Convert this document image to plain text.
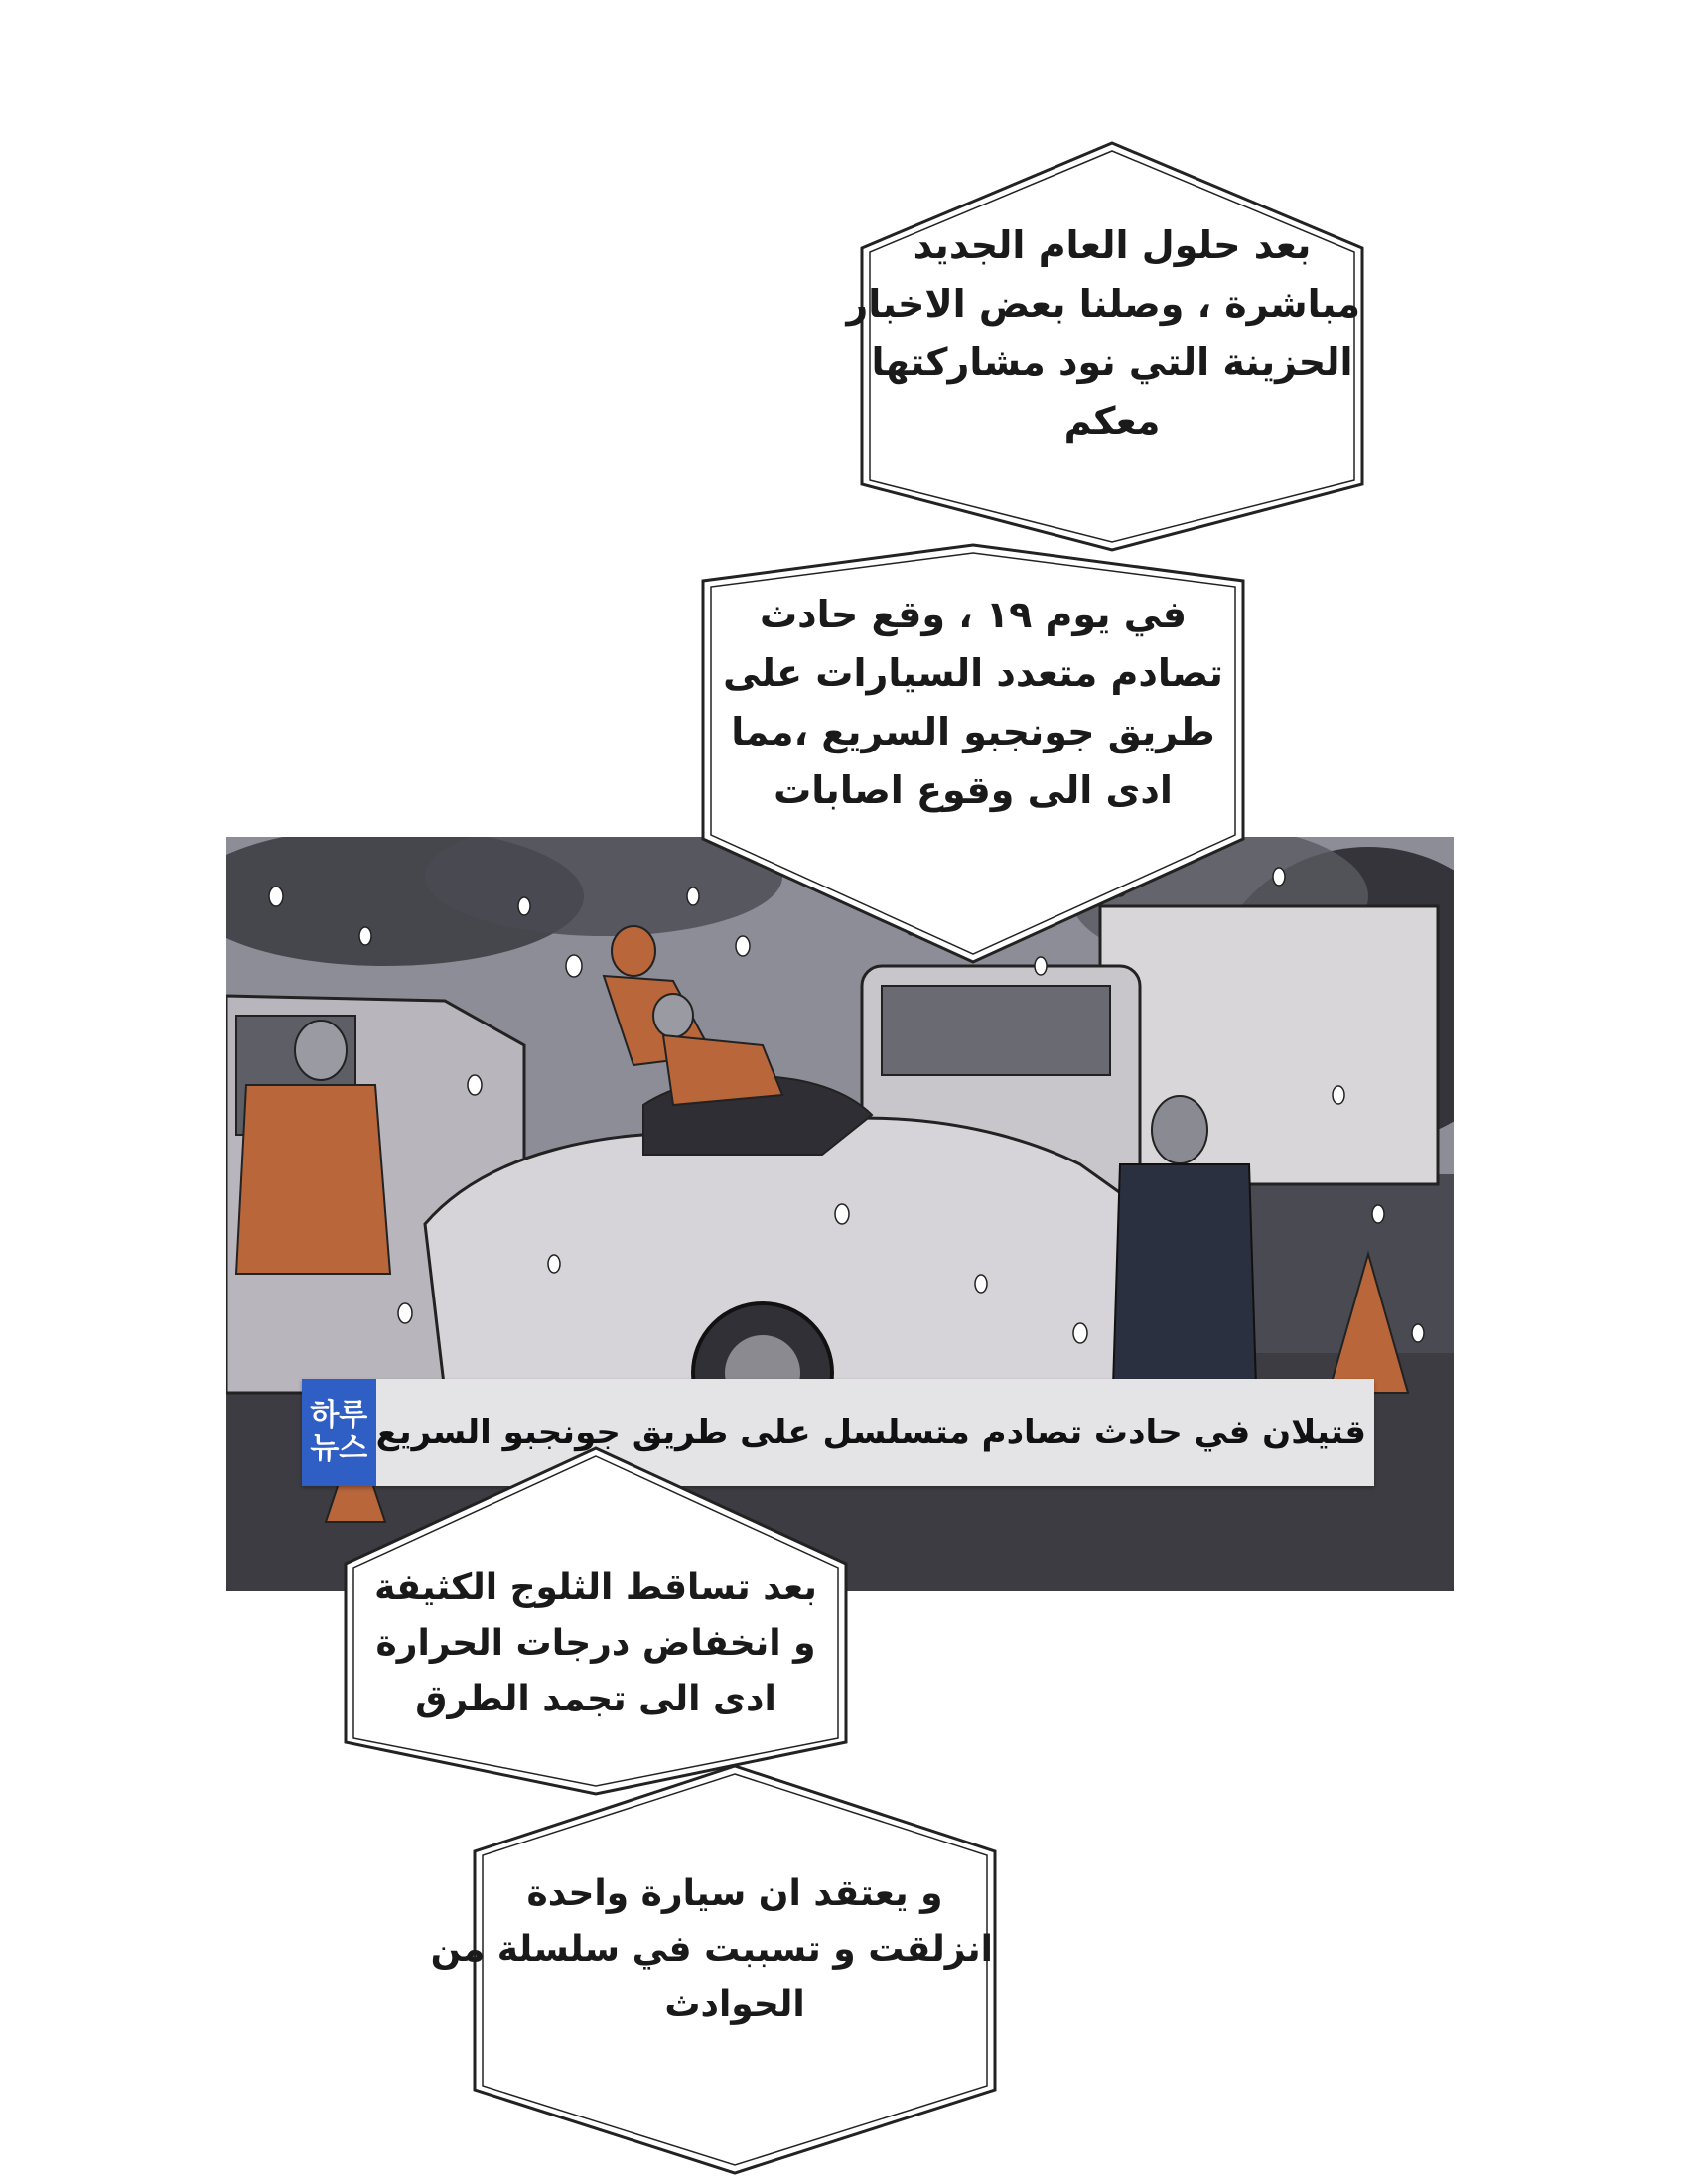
하루
뉴스 قتيلان في حادث تصادم متسلسل على طريق جونجبو السريع
بعد حلول العام الجديد
مباشرة ، وصلنا بعض الاخبار
الحزينة التي نود مشاركتها
معكم
في يوم ١٩ ، وقع حادث
تصادم متعدد السيارات على
طريق جونجبو السريع ،مما
ادى الى وقوع اصابات
بعد تساقط الثلوج الكثيفة
و انخفاض درجات الحرارة
ادى الى تجمد الطرق
و يعتقد ان سيارة واحدة
انزلقت و تسببت في سلسلة من
الحوادث
